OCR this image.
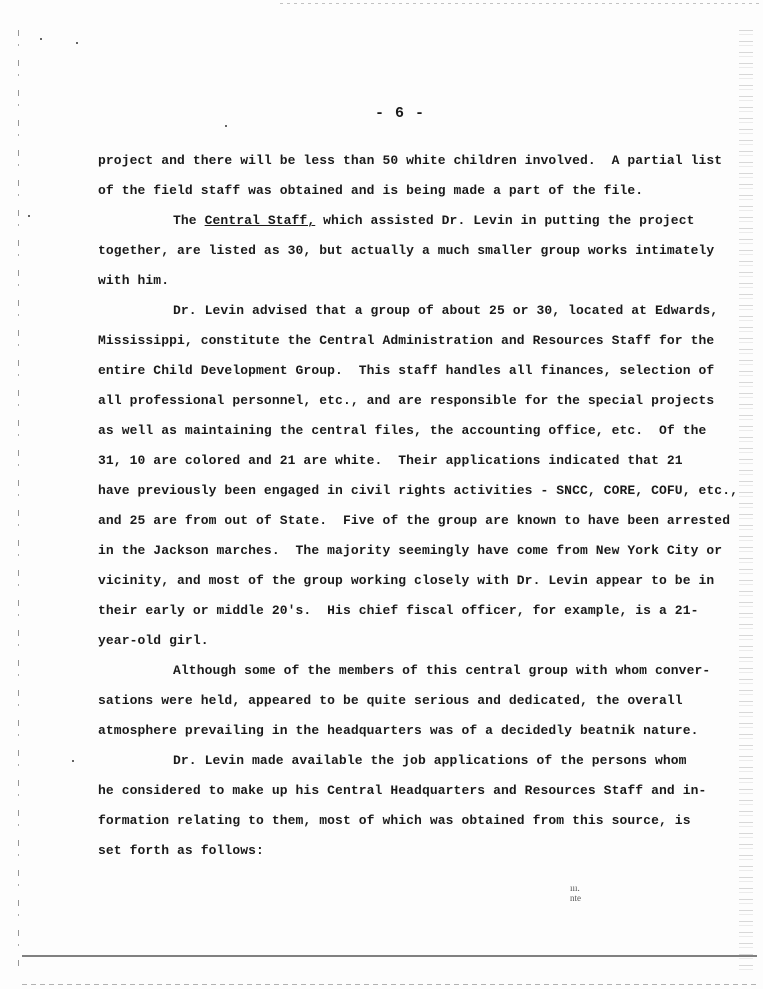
- 6 -
project and there will be less than 50 white children involved.  A partial list
of the field staff was obtained and is being made a part of the file.
The Central Staff, which assisted Dr. Levin in putting the project
together, are listed as 30, but actually a much smaller group works intimately
with him.
Dr. Levin advised that a group of about 25 or 30, located at Edwards,
Mississippi, constitute the Central Administration and Resources Staff for the
entire Child Development Group.  This staff handles all finances, selection of
all professional personnel, etc., and are responsible for the special projects
as well as maintaining the central files, the accounting office, etc.  Of the
31, 10 are colored and 21 are white.  Their applications indicated that 21
have previously been engaged in civil rights activities - SNCC, CORE, COFU, etc.,
and 25 are from out of State.  Five of the group are known to have been arrested
in the Jackson marches.  The majority seemingly have come from New York City or
vicinity, and most of the group working closely with Dr. Levin appear to be in
their early or middle 20's.  His chief fiscal officer, for example, is a 21-
year-old girl.
Although some of the members of this central group with whom conver-
sations were held, appeared to be quite serious and dedicated, the overall
atmosphere prevailing in the headquarters was of a decidedly beatnik nature.
Dr. Levin made available the job applications of the persons whom
he considered to make up his Central Headquarters and Resources Staff and in-
formation relating to them, most of which was obtained from this source, is
set forth as follows:
ııı.
nte
